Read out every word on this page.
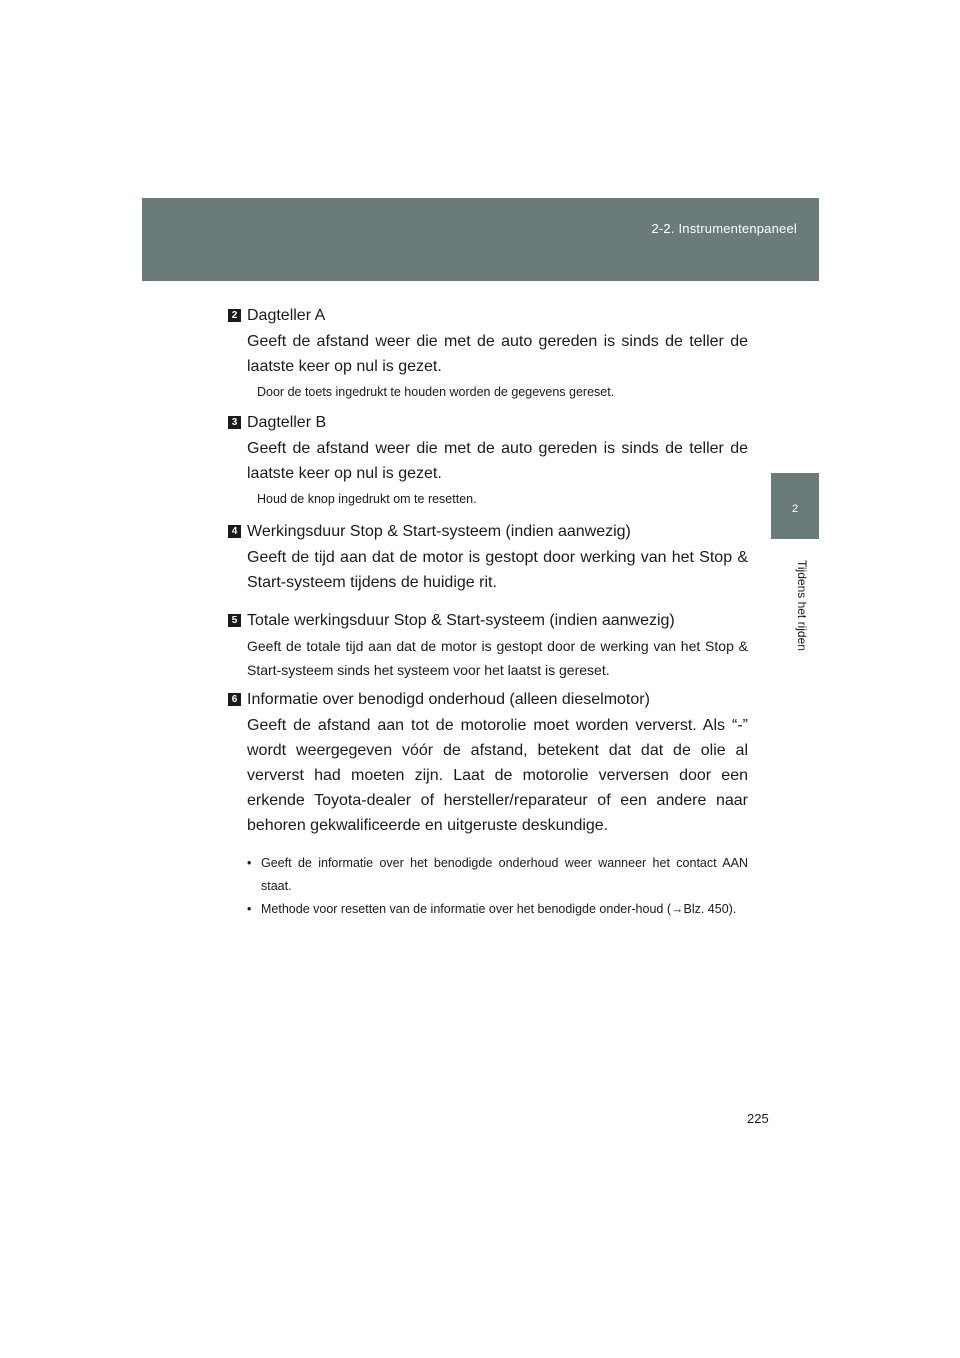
2-2. Instrumentenpaneel
2
Tijdens het rijden
2 Dagteller A
Geeft de afstand weer die met de auto gereden is sinds de teller de laatste keer op nul is gezet.
Door de toets ingedrukt te houden worden de gegevens gereset.
3 Dagteller B
Geeft de afstand weer die met de auto gereden is sinds de teller de laatste keer op nul is gezet.
Houd de knop ingedrukt om te resetten.
4 Werkingsduur Stop & Start-systeem (indien aanwezig)
Geeft de tijd aan dat de motor is gestopt door werking van het Stop & Start-systeem tijdens de huidige rit.
5 Totale werkingsduur Stop & Start-systeem (indien aanwezig)
Geeft de totale tijd aan dat de motor is gestopt door de werking van het Stop & Start-systeem sinds het systeem voor het laatst is gereset.
6 Informatie over benodigd onderhoud (alleen dieselmotor)
Geeft de afstand aan tot de motorolie moet worden ververst. Als “-” wordt weergegeven vóór de afstand, betekent dat dat de olie al ververst had moeten zijn. Laat de motorolie verversen door een erkende Toyota-dealer of hersteller/reparateur of een andere naar behoren gekwalificeerde en uitgeruste deskundige.
• Geeft de informatie over het benodigde onderhoud weer wanneer het contact AAN staat.
• Methode voor resetten van de informatie over het benodigde onder-houd (→Blz. 450).
225
